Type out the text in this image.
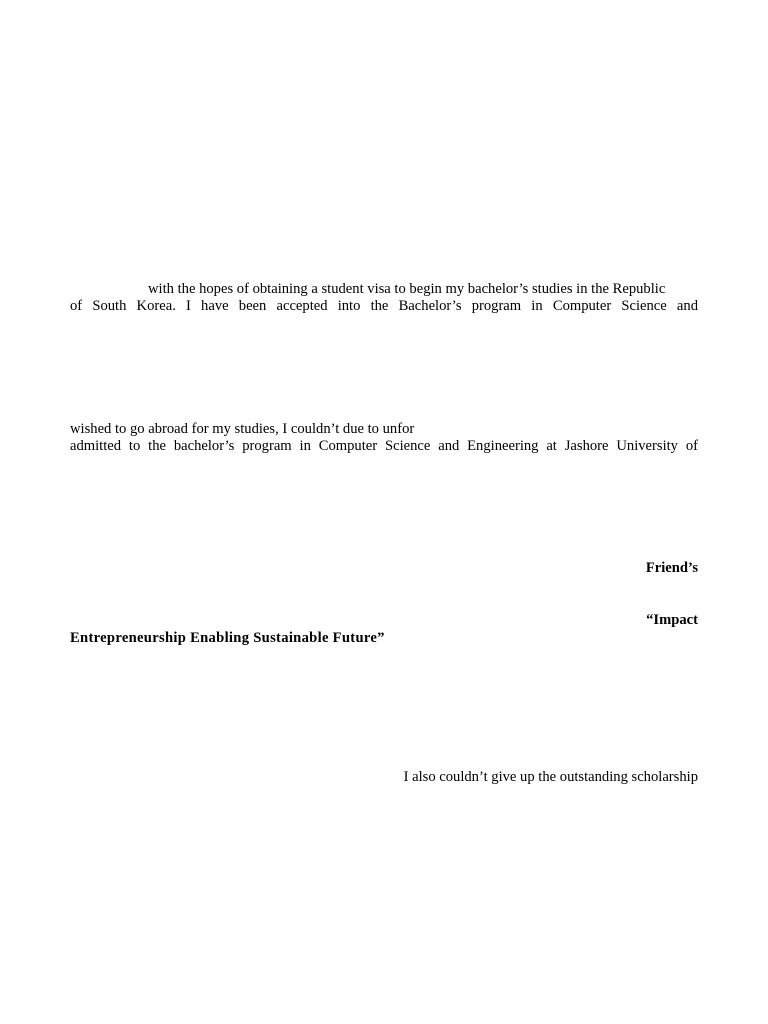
with the hopes of obtaining a student visa to begin my bachelor’s studies in the Republic
of South Korea. I have been accepted into the Bachelor’s program in Computer Science and
wished to go abroad for my studies, I couldn’t due to unfor
admitted to the bachelor’s program in Computer Science and Engineering at Jashore University of
Friend’s
“Impact
Entrepreneurship Enabling Sustainable Future”
I also couldn’t give up the outstanding scholarship
